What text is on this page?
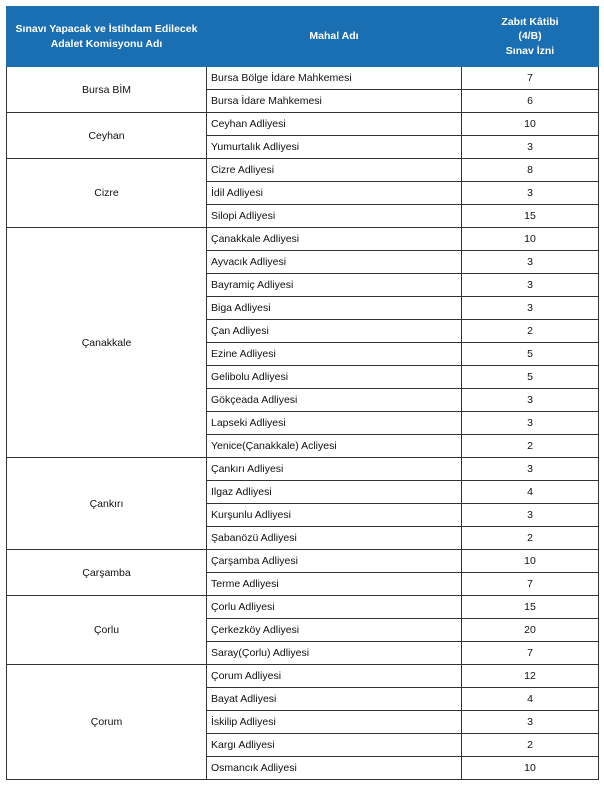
Sınavı Yapacak ve İstihdam Edilecek
Adalet Komisyonu Adı	Mahal Adı	Zabıt Kâtibi
(4/B)
Sınav İzni

Bursa BİM	Bursa Bölge İdare Mahkemesi	7
	Bursa İdare Mahkemesi	6
Ceyhan	Ceyhan Adliyesi	10
	Yumurtalık Adliyesi	3
Cizre	Cizre Adliyesi	8
	İdil Adliyesi	3
	Silopi Adliyesi	15
Çanakkale	Çanakkale Adliyesi	10
	Ayvacık Adliyesi	3
	Bayramiç Adliyesi	3
	Biga Adliyesi	3
	Çan Adliyesi	2
	Ezine Adliyesi	5
	Gelibolu Adliyesi	5
	Gökçeada Adliyesi	3
	Lapseki Adliyesi	3
	Yenice(Çanakkale) Acliyesi	2
Çankırı	Çankırı Adliyesi	3
	Ilgaz Adliyesi	4
	Kurşunlu Adliyesi	3
	Şabanözü Adliyesi	2
Çarşamba	Çarşamba Adliyesi	10
	Terme Adliyesi	7
Çorlu	Çorlu Adliyesi	15
	Çerkezköy Adliyesi	20
	Saray(Çorlu) Adliyesi	7
Çorum	Çorum Adliyesi	12
	Bayat Adliyesi	4
	İskilip Adliyesi	3
	Kargı Adliyesi	2
	Osmancık Adliyesi	10
